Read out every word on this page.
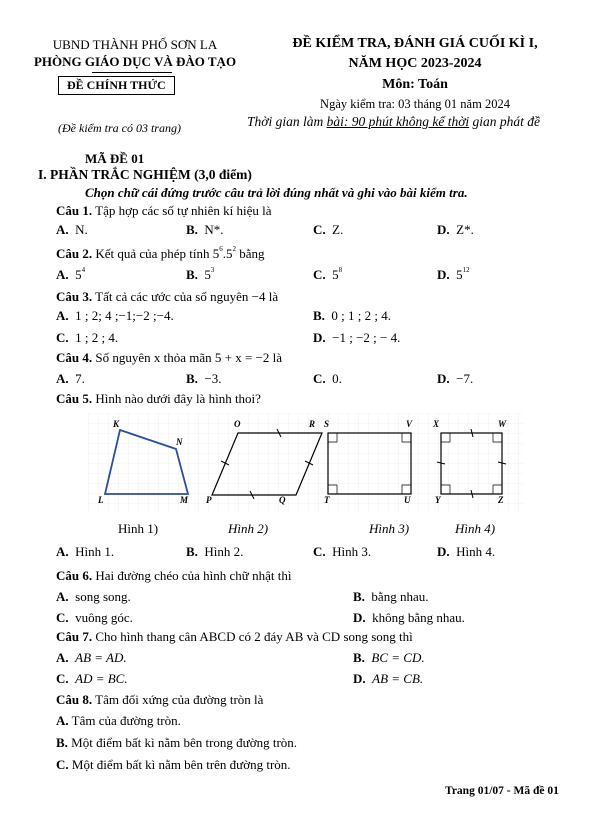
UBND THÀNH PHỐ SƠN LA
PHÒNG GIÁO DỤC VÀ ĐÀO TẠO
ĐỀ CHÍNH THỨC
(Đề kiểm tra có 03 trang)
ĐỀ KIỂM TRA, ĐÁNH GIÁ CUỐI KÌ I,
NĂM HỌC 2023-2024
Môn: Toán
Ngày kiểm tra: 03 tháng 01 năm 2024
Thời gian làm bài: 90 phút không kể thời gian phát đề
MÃ ĐỀ 01
I. PHẦN TRẮC NGHIỆM (3,0 điểm)
Chọn chữ cái đứng trước câu trả lời đúng nhất và ghi vào bài kiểm tra.
Câu 1. Tập hợp các số tự nhiên kí hiệu là
A. N.	B. N*.	C. Z.	D. Z*.
Câu 2. Kết quả của phép tính $5^6.5^2$ bằng
A. $5^4$	B. $5^3$	C. $5^8$	D. $5^{12}$
Câu 3. Tất cả các ước của số nguyên −4 là
A. 1 ; 2; 4 ;−1;−2 ;−4.	B. 0 ; 1 ; 2 ; 4.
C. 1 ; 2 ; 4.	D. −1 ; −2 ; − 4.
Câu 4. Số nguyên x thỏa mãn 5 + x = −2 là
A. 7.	B. −3.	C. 0.	D. −7.
Câu 5. Hình nào dưới đây là hình thoi?
K
N
L	M
O	R
P	Q
S	V
T	U
X	W
Y	Z
Hình 1)	Hình 2)	Hình 3)	Hình 4)
A. Hình 1.	B. Hình 2.	C. Hình 3.	D. Hình 4.
Câu 6. Hai đường chéo của hình chữ nhật thì
A. song song.	B. bằng nhau.
C. vuông góc.	D. không bằng nhau.
Câu 7. Cho hình thang cân ABCD có 2 đáy AB và CD song song thì
A. AB = AD.	B. BC = CD.
C. AD = BC.	D. AB = CB.
Câu 8. Tâm đối xứng của đường tròn là
A. Tâm của đường tròn.
B. Một điểm bất kì nằm bên trong đường tròn.
C. Một điểm bất kì nằm bên trên đường tròn.
Trang 01/07 - Mã đề 01
